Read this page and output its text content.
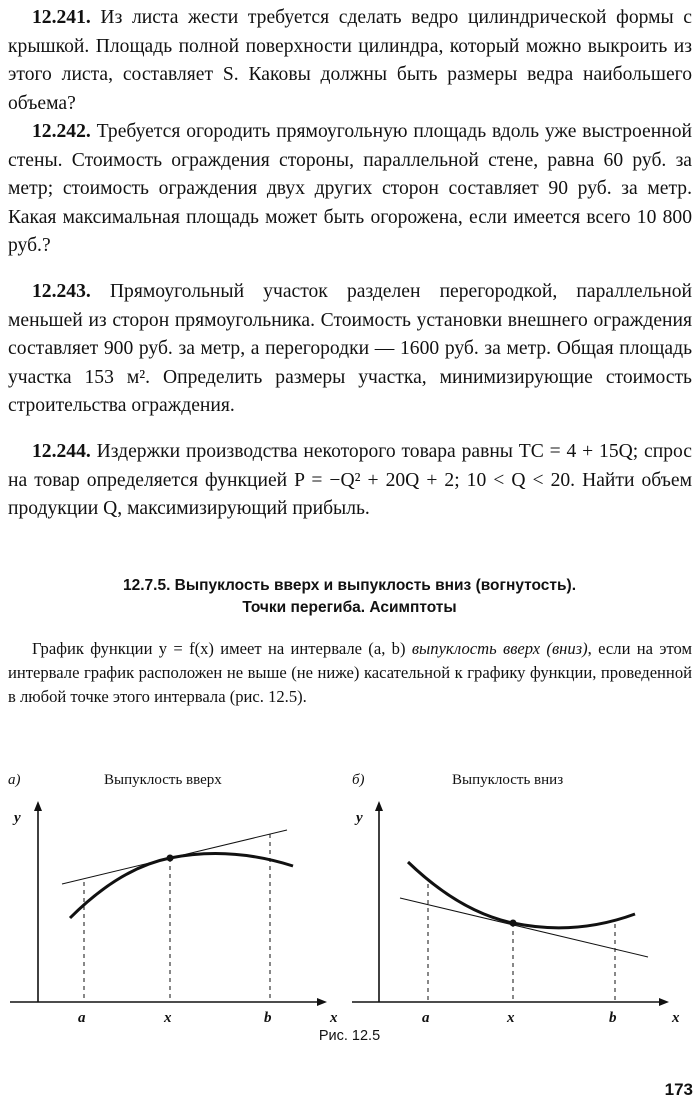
12.241. Из листа жести требуется сделать ведро цилиндрической формы с крышкой. Площадь полной поверхности цилиндра, который можно выкроить из этого листа, составляет S. Каковы должны быть размеры ведра наибольшего объема?

12.242. Требуется огородить прямоугольную площадь вдоль уже выстроенной стены. Стоимость ограждения стороны, параллельной стене, равна 60 руб. за метр; стоимость ограждения двух других сторон составляет 90 руб. за метр. Какая максимальная площадь может быть огорожена, если имеется всего 10 800 руб.?

12.243. Прямоугольный участок разделен перегородкой, параллельной меньшей из сторон прямоугольника. Стоимость установки внешнего ограждения составляет 900 руб. за метр, а перегородки — 1600 руб. за метр. Общая площадь участка 153 м². Определить размеры участка, минимизирующие стоимость строительства ограждения.

12.244. Издержки производства некоторого товара равны TC = 4 + 15Q; спрос на товар определяется функцией P = −Q² + 20Q + 2; 10 < Q < 20. Найти объем продукции Q, максимизирующий прибыль.

12.7.5. Выпуклость вверх и выпуклость вниз (вогнутость).
Точки перегиба. Асимптоты

График функции y = f(x) имеет на интервале (a, b) выпуклость вверх (вниз), если на этом интервале график расположен не выше (не ниже) касательной к графику функции, проведенной в любой точке этого интервала (рис. 12.5).

а)	Выпуклость вверх
y
a	x	b	x
б)	Выпуклость вниз
y
a	x	b	x
Рис. 12.5
173
